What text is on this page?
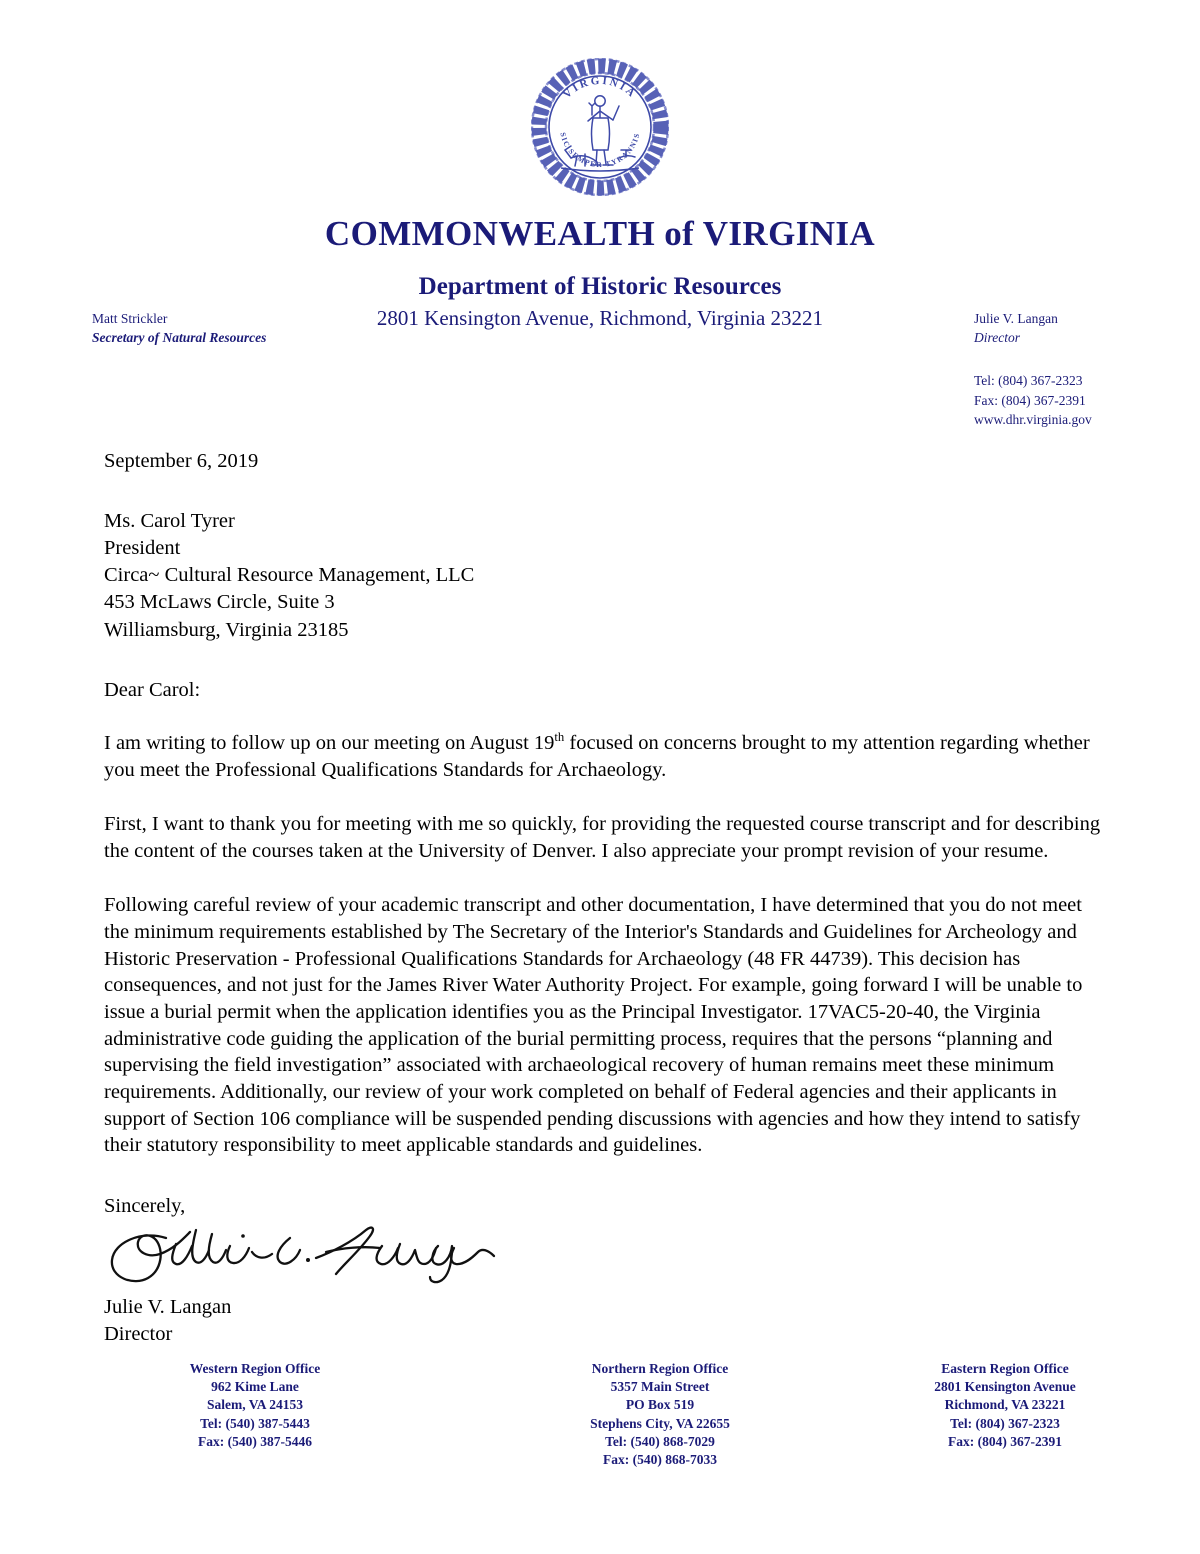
VIRGINIA
SIC SEMPER TYRANNIS
COMMONWEALTH of VIRGINIA
Department of Historic Resources
2801 Kensington Avenue, Richmond, Virginia 23221
Matt Strickler
Secretary of Natural Resources
Julie V. Langan
Director
Tel: (804) 367-2323
Fax: (804) 367-2391
www.dhr.virginia.gov
September 6, 2019
Ms. Carol Tyrer
President
Circa~ Cultural Resource Management, LLC
453 McLaws Circle, Suite 3
Williamsburg, Virginia 23185
Dear Carol:

I am writing to follow up on our meeting on August 19th focused on concerns brought to my attention regarding whether you meet the Professional Qualifications Standards for Archaeology.

First, I want to thank you for meeting with me so quickly, for providing the requested course transcript and for describing the content of the courses taken at the University of Denver. I also appreciate your prompt revision of your resume.

Following careful review of your academic transcript and other documentation, I have determined that you do not meet the minimum requirements established by The Secretary of the Interior's Standards and Guidelines for Archeology and Historic Preservation - Professional Qualifications Standards for Archaeology (48 FR 44739). This decision has consequences, and not just for the James River Water Authority Project. For example, going forward I will be unable to issue a burial permit when the application identifies you as the Principal Investigator. 17VAC5-20-40, the Virginia administrative code guiding the application of the burial permitting process, requires that the persons “planning and supervising the field investigation” associated with archaeological recovery of human remains meet these minimum requirements. Additionally, our review of your work completed on behalf of Federal agencies and their applicants in support of Section 106 compliance will be suspended pending discussions with agencies and how they intend to satisfy their statutory responsibility to meet applicable standards and guidelines.

Sincerely,
Julie V. Langan
Director
Western Region Office
962 Kime Lane
Salem, VA 24153
Tel: (540) 387-5443
Fax: (540) 387-5446
Northern Region Office
5357 Main Street
PO Box 519
Stephens City, VA 22655
Tel: (540) 868-7029
Fax: (540) 868-7033
Eastern Region Office
2801 Kensington Avenue
Richmond, VA 23221
Tel: (804) 367-2323
Fax: (804) 367-2391
